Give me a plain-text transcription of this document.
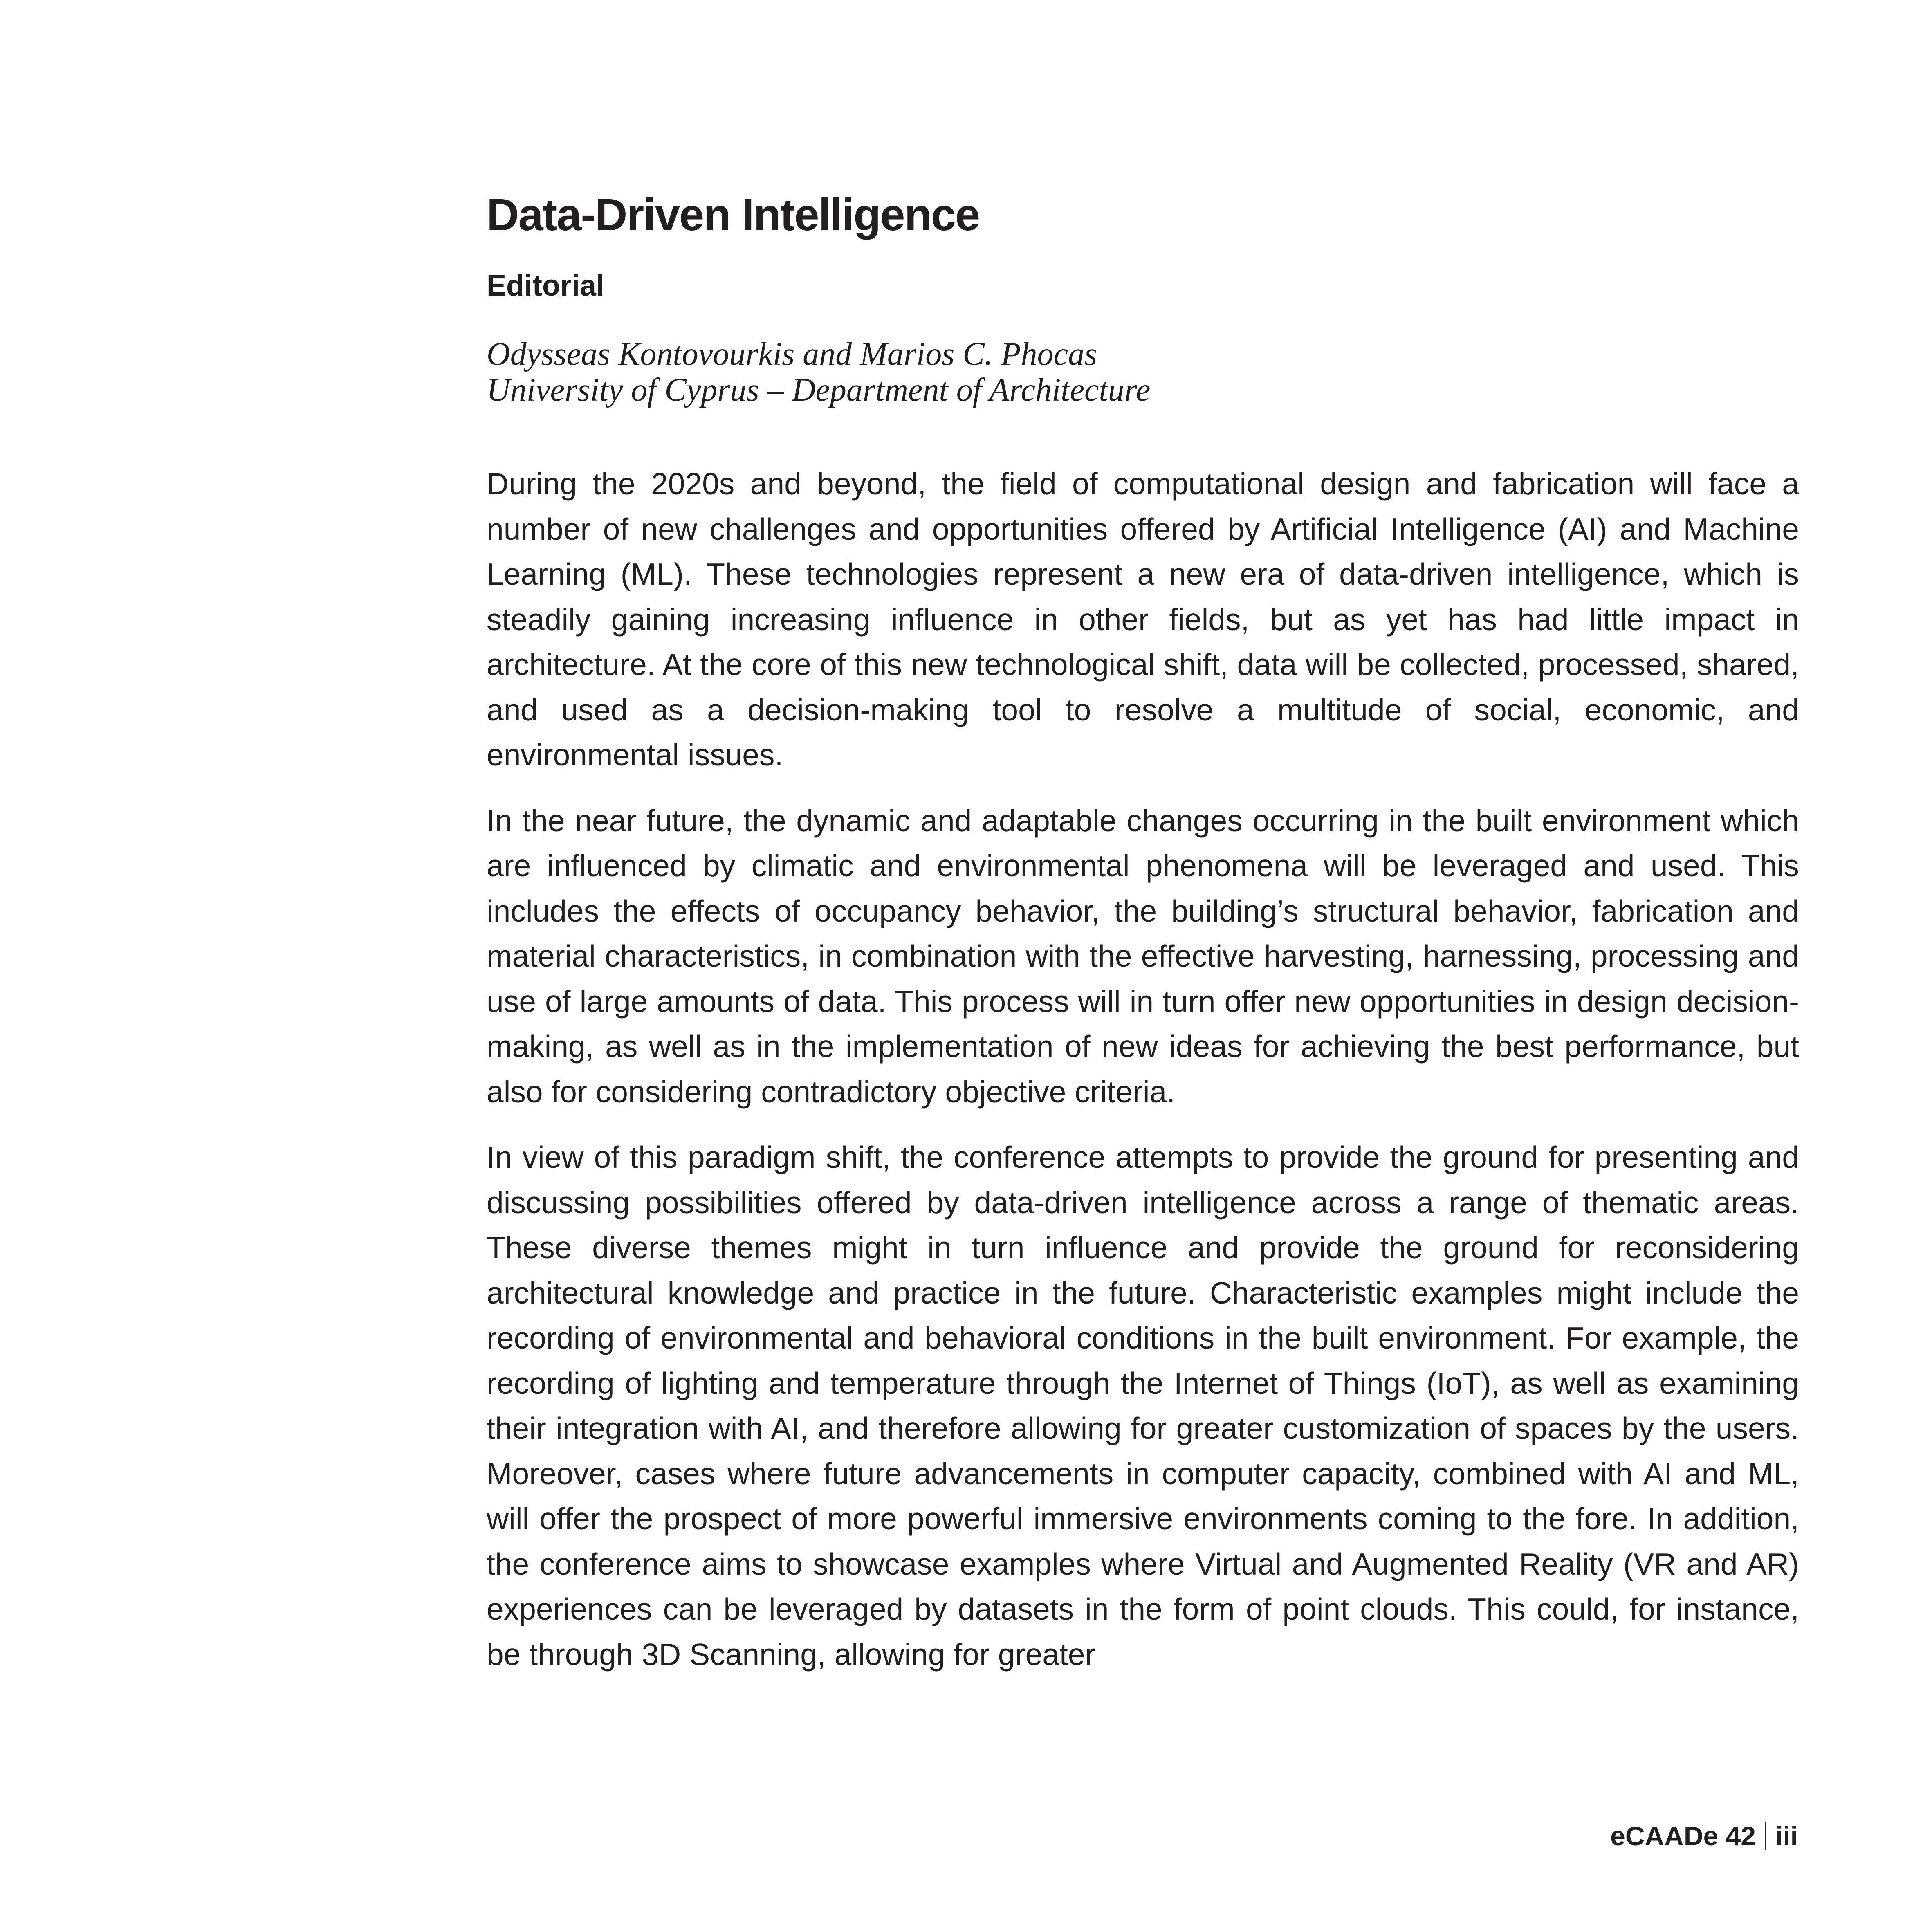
Data-Driven Intelligence
Editorial
Odysseas Kontovourkis and Marios C. Phocas
University of Cyprus – Department of Architecture

During the 2020s and beyond, the field of computational design and fabrication will face a number of new challenges and opportunities offered by Artificial Intelligence (AI) and Machine Learning (ML). These technologies represent a new era of data-driven intelligence, which is steadily gaining increasing influence in other fields, but as yet has had little impact in architecture. At the core of this new technological shift, data will be collected, processed, shared, and used as a decision-making tool to resolve a multitude of social, economic, and environmental issues.

In the near future, the dynamic and adaptable changes occurring in the built environment which are influenced by climatic and environmental phenomena will be leveraged and used. This includes the effects of occupancy behavior, the building’s structural behavior, fabrication and material characteristics, in combination with the effective harvesting, harnessing, processing and use of large amounts of data. This process will in turn offer new opportunities in design decision-making, as well as in the implementation of new ideas for achieving the best performance, but also for considering contradictory objective criteria.

In view of this paradigm shift, the conference attempts to provide the ground for presenting and discussing possibilities offered by data-driven intelligence across a range of thematic areas. These diverse themes might in turn influence and provide the ground for reconsidering architectural knowledge and practice in the future. Characteristic examples might include the recording of environmental and behavioral conditions in the built environment. For example, the recording of lighting and temperature through the Internet of Things (IoT), as well as examining their integration with AI, and therefore allowing for greater customization of spaces by the users. Moreover, cases where future advancements in computer capacity, combined with AI and ML, will offer the prospect of more powerful immersive environments coming to the fore. In addition, the conference aims to showcase examples where Virtual and Augmented Reality (VR and AR) experiences can be leveraged by datasets in the form of point clouds. This could, for instance, be through 3D Scanning, allowing for greater

eCAADe 42 iii
